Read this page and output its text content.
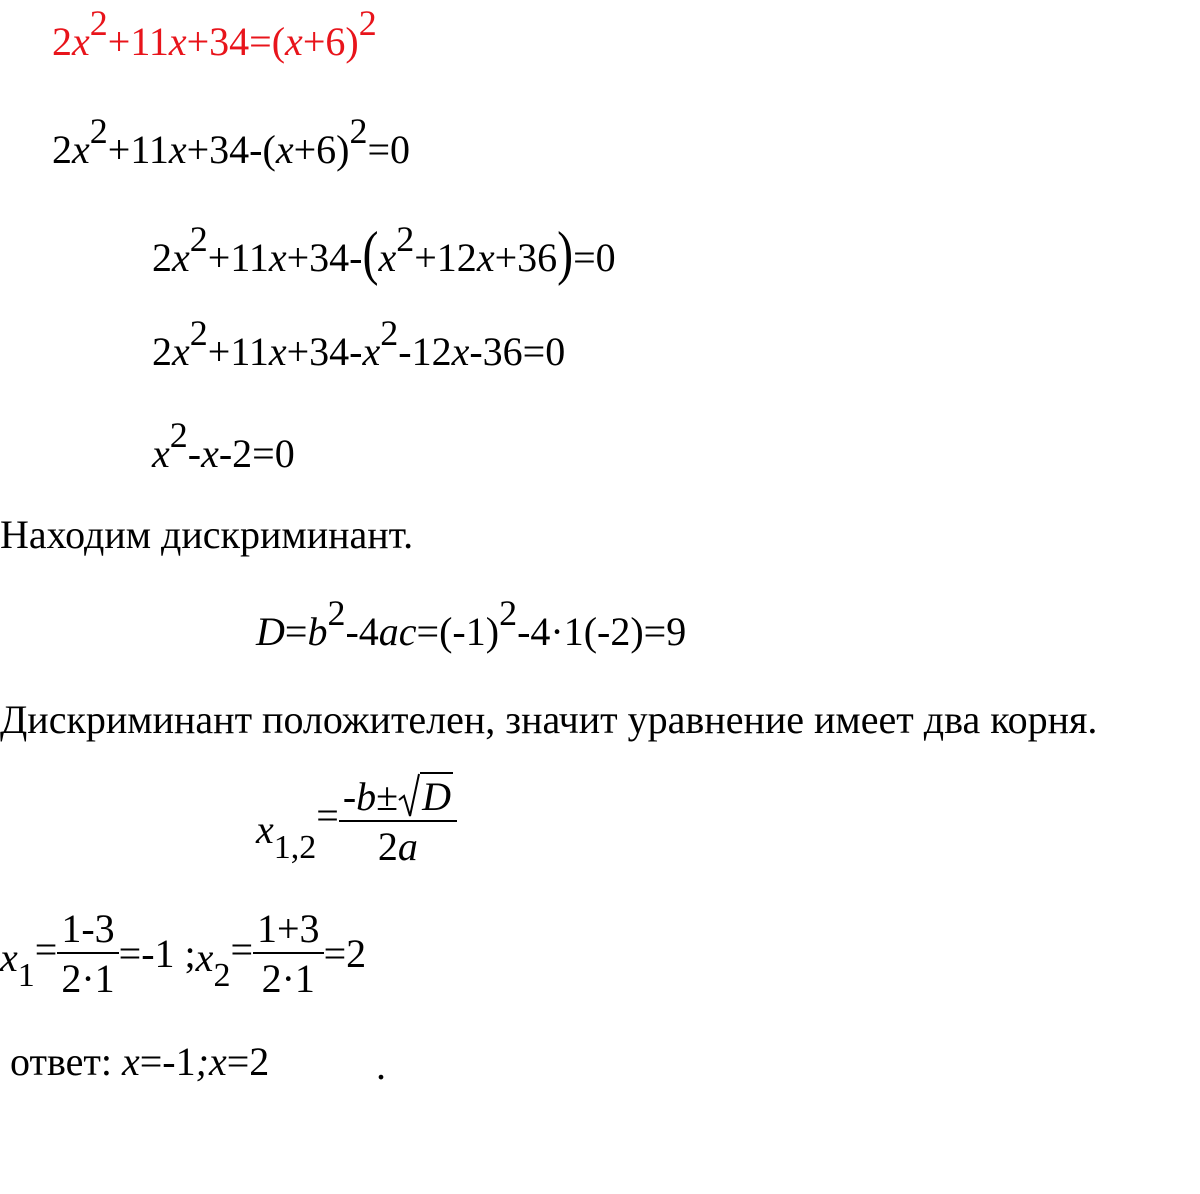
$2x^2+11x+34=(x+6)^2$
$2x^2+11x+34-(x+6)^2=0$
$2x^2+11x+34-(x^2+12x+36)=0$
$2x^2+11x+34-x^2-12x-36=0$
$x^2-x-2=0$
Находим дискриминант.
$D=b^2-4ac=(-1)^2-4\cdot 1(-2)=9$
Дискриминант положителен, значит уравнение имеет два корня.
$x_{1,2}= \frac{-b\pm D}{2a}$
$x_1= \frac{1-3}{2\cdot 1} =-1$ $;x_2= \frac{1+3}{2\cdot 1} =2$
ответ: x=-1;x=2	.
